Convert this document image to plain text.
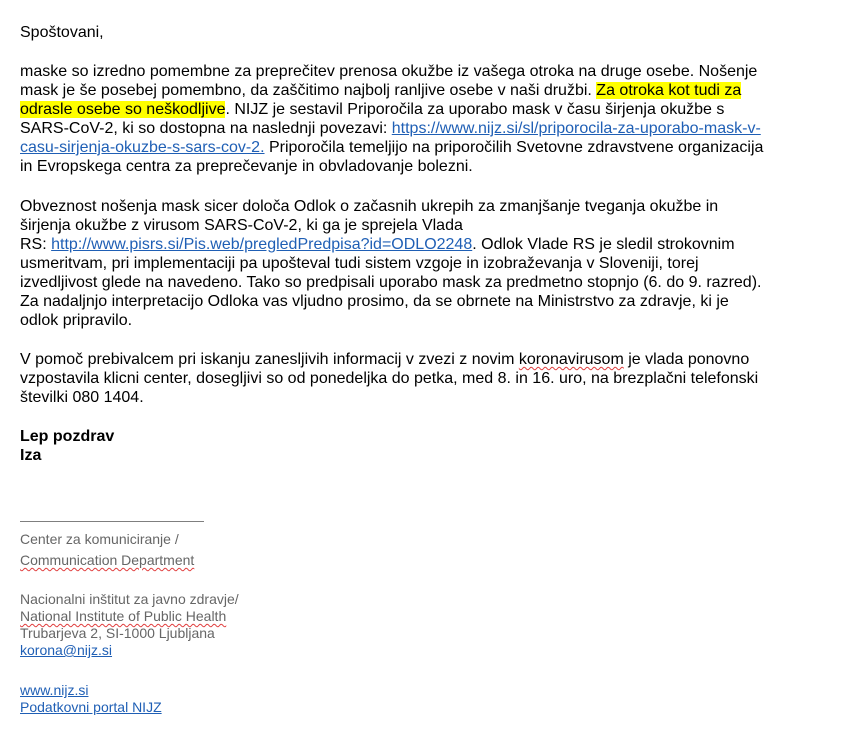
Spoštovani,

maske so izredno pomembne za preprečitev prenosa okužbe iz vašega otroka na druge osebe. Nošenje
mask je še posebej pomembno, da zaščitimo najbolj ranljive osebe v naši družbi. Za otroka kot tudi za
odrasle osebe so neškodljive. NIJZ je sestavil Priporočila za uporabo mask v času širjenja okužbe s
SARS-CoV-2, ki so dostopna na naslednji povezavi: https://www.nijz.si/sl/priporocila-za-uporabo-mask-v-
casu-sirjenja-okuzbe-s-sars-cov-2. Priporočila temeljijo na priporočilih Svetovne zdravstvene organizacija
in Evropskega centra za preprečevanje in obvladovanje bolezni.

Obveznost nošenja mask sicer določa Odlok o začasnih ukrepih za zmanjšanje tveganja okužbe in
širjenja okužbe z virusom SARS-CoV-2, ki ga je sprejela Vlada
RS: http://www.pisrs.si/Pis.web/pregledPredpisa?id=ODLO2248. Odlok Vlade RS je sledil strokovnim
usmeritvam, pri implementaciji pa upošteval tudi sistem vzgoje in izobraževanja v Sloveniji, torej
izvedljivost glede na navedeno. Tako so predpisali uporabo mask za predmetno stopnjo (6. do 9. razred).
Za nadaljnjo interpretacijo Odloka vas vljudno prosimo, da se obrnete na Ministrstvo za zdravje, ki je
odlok pripravilo.

V pomoč prebivalcem pri iskanju zanesljivih informacij v zvezi z novim koronavirusom je vlada ponovno
vzpostavila klicni center, dosegljivi so od ponedeljka do petka, med 8. in 16. uro, na brezplačni telefonski
številki 080 1404.

Lep pozdrav
Iza

Center za komuniciranje /
Communication Department
Nacionalni inštitut za javno zdravje/
National Institute of Public Health
Trubarjeva 2, SI-1000 Ljubljana
korona@nijz.si
www.nijz.si
Podatkovni portal NIJZ
